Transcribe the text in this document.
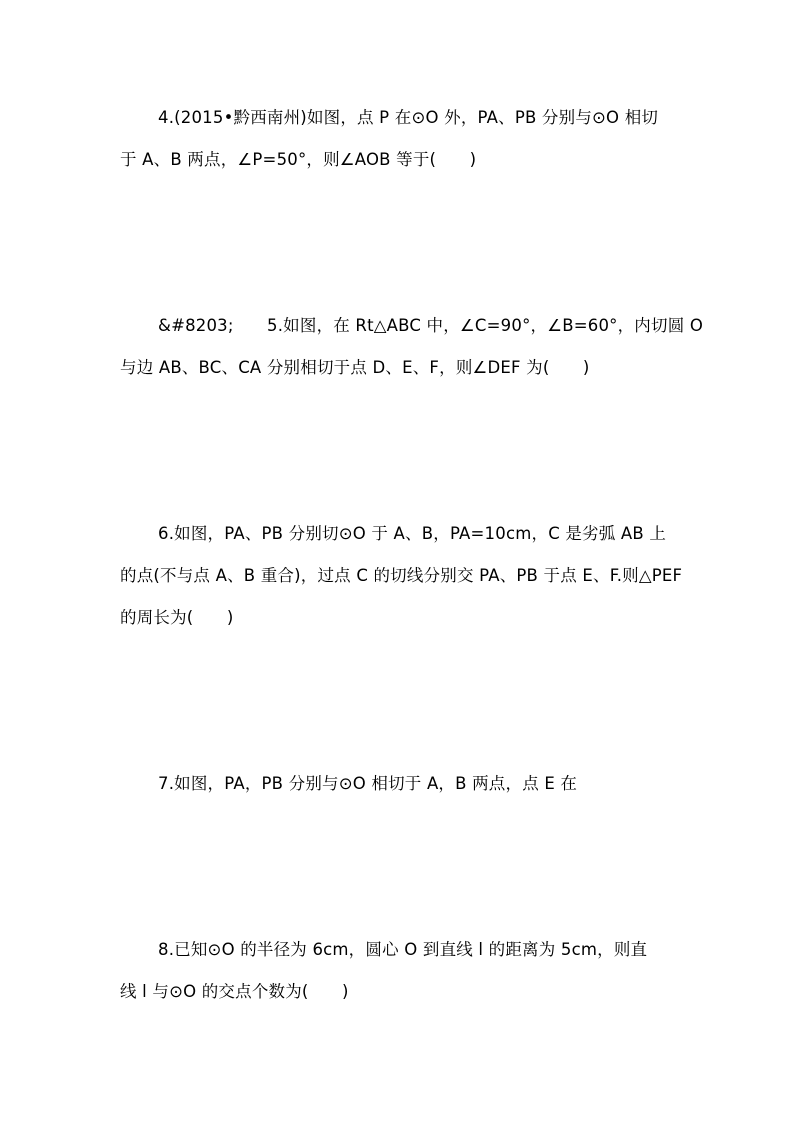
4.(2015•黔西南州)如图，点 P 在⊙O 外，PA、PB 分别与⊙O 相切
于 A、B 两点，∠P=50°，则∠AOB 等于(　　)
&#8203;　　5.如图，在 Rt△ABC 中，∠C=90°，∠B=60°，内切圆 O
与边 AB、BC、CA 分别相切于点 D、E、F，则∠DEF 为(　　)
6.如图，PA、PB 分别切⊙O 于 A、B，PA=10cm，C 是劣弧 AB 上
的点(不与点 A、B 重合)，过点 C 的切线分别交 PA、PB 于点 E、F.则△PEF
的周长为(　　)
7.如图，PA，PB 分别与⊙O 相切于 A，B 两点，点 E 在
8.已知⊙O 的半径为 6cm，圆心 O 到直线 l 的距离为 5cm，则直
线 l 与⊙O 的交点个数为(　　)
